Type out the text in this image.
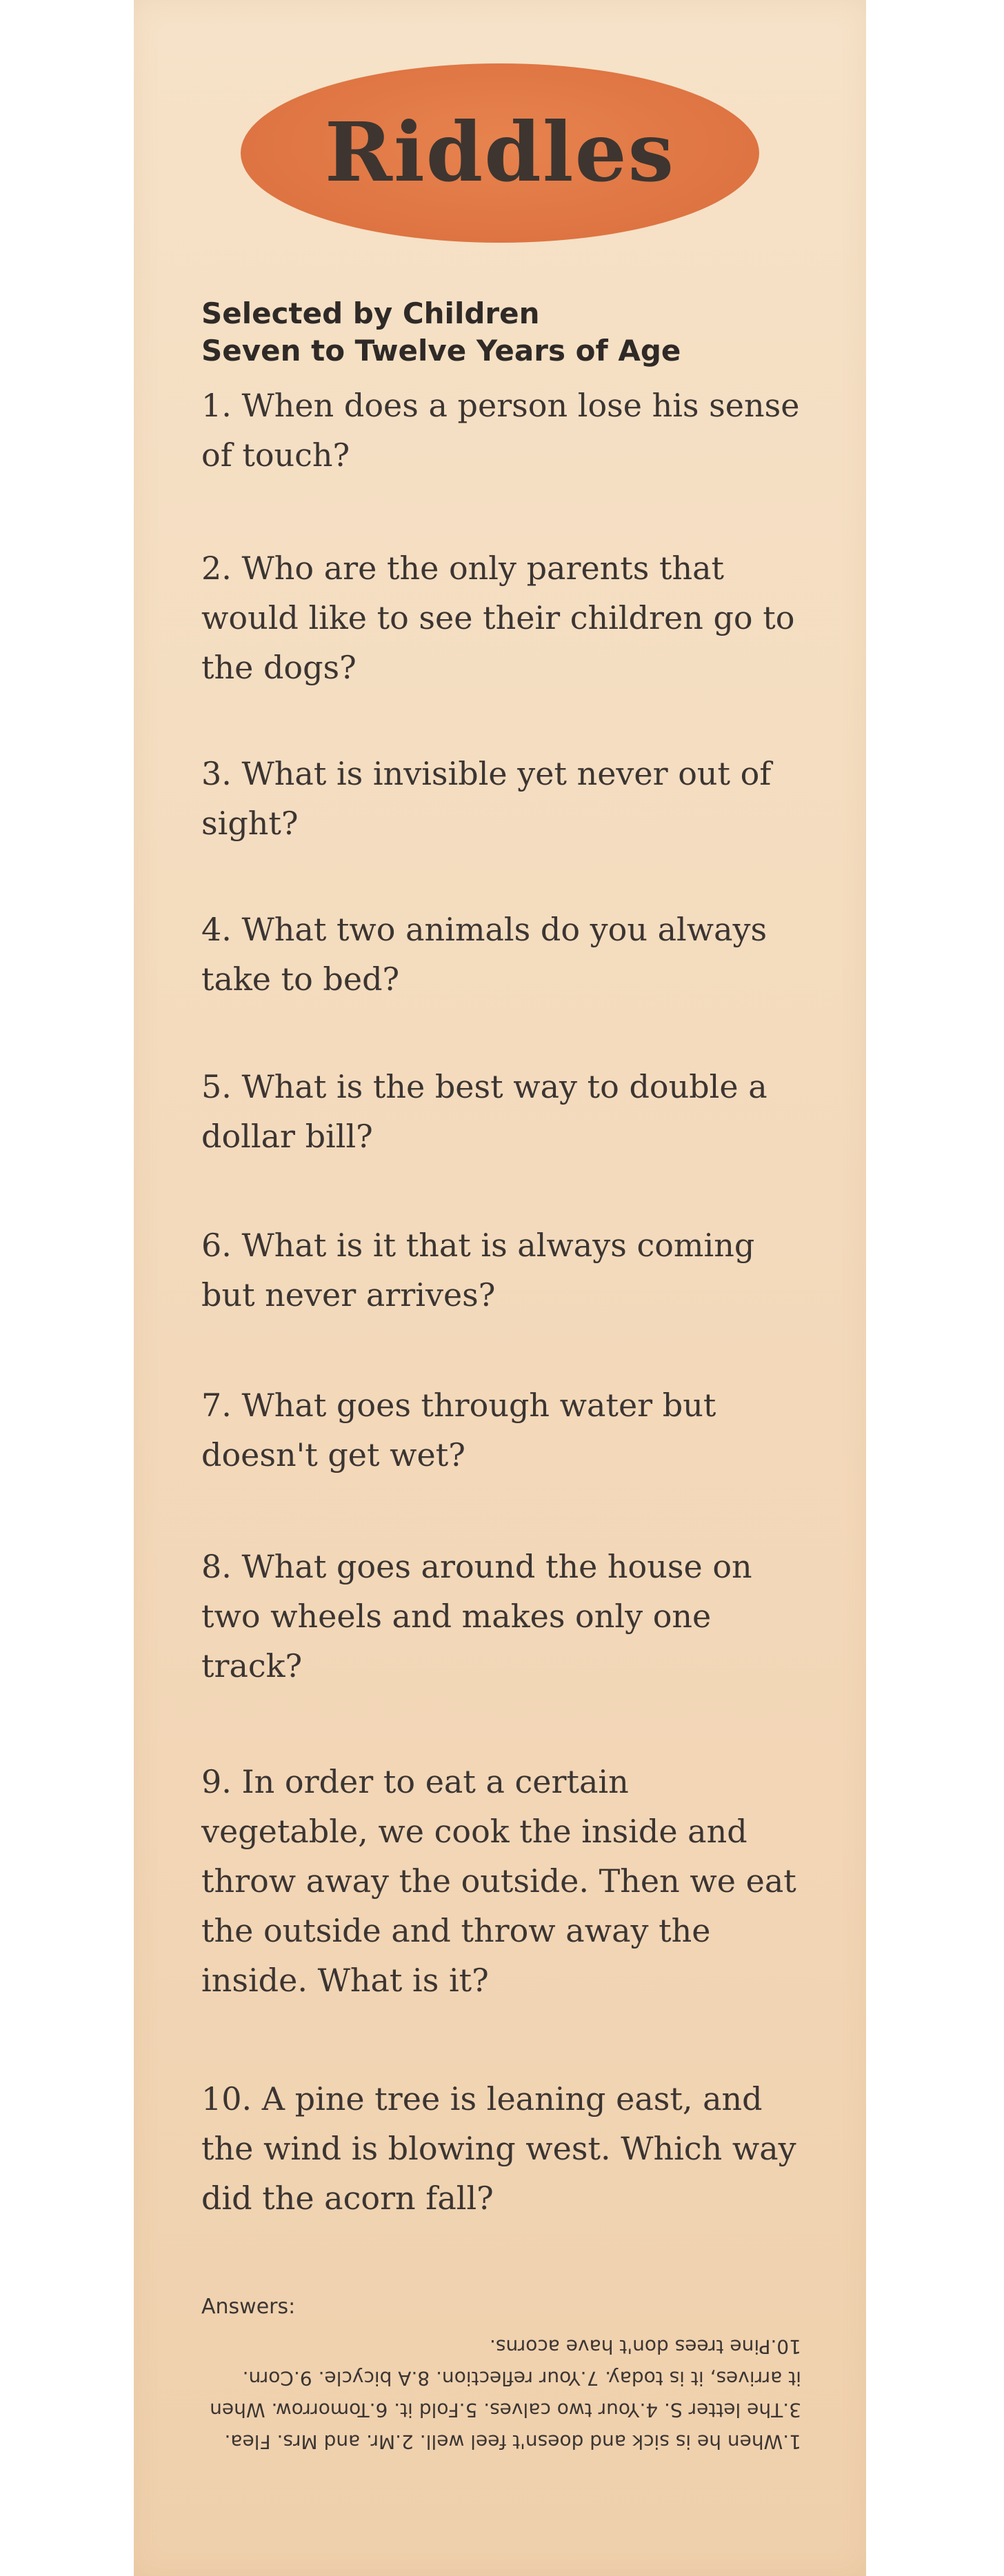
Riddles
Selected by Children
Seven to Twelve Years of Age

1. When does a person lose his sense of touch?

2. Who are the only parents that would like to see their children go to the dogs?

3. What is invisible yet never out of sight?

4. What two animals do you always take to bed?

5. What is the best way to double a dollar bill?

6. What is it that is always coming but never arrives?

7. What goes through water but doesn't get wet?

8. What goes around the house on two wheels and makes only one track?

9. In order to eat a certain vegetable, we cook the inside and throw away the outside. Then we eat the outside and throw away the inside. What is it?

10. A pine tree is leaning east, and the wind is blowing west. Which way did the acorn fall?

Answers:
1.When he is sick and doesn't feel well. 2.Mr. and Mrs. Flea. 3.The letter S. 4.Your two calves. 5.Fold it. 6.Tomorrow. When it arrives, it is today. 7.Your reflection. 8.A bicycle. 9.Corn. 10.Pine trees don't have acorns.
